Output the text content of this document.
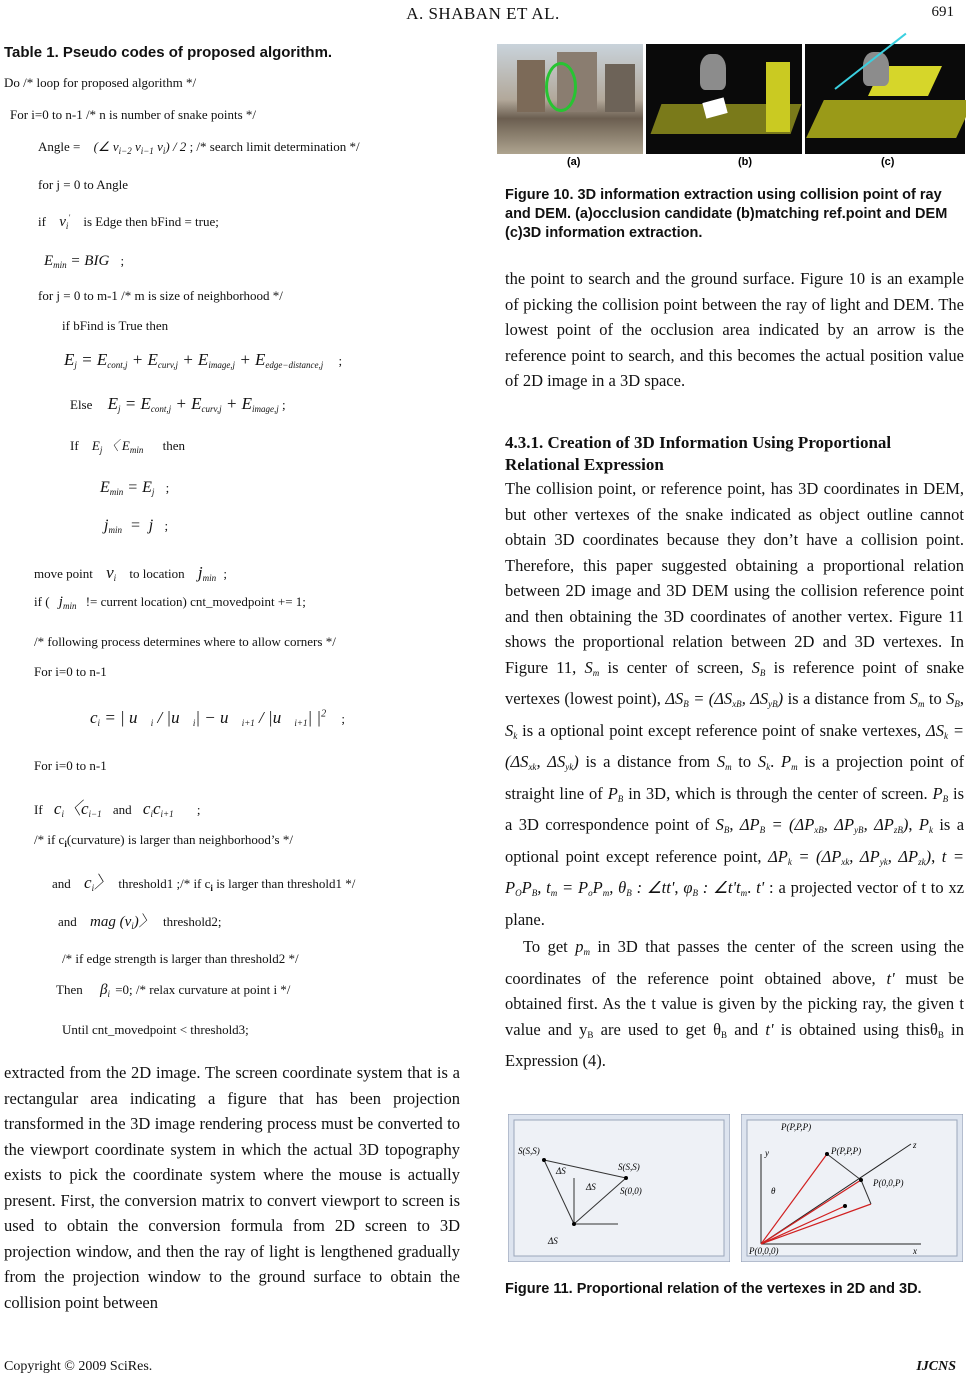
A. SHABAN ET AL.	691
Table 1. Pseudo codes of proposed algorithm.
Do /* loop for proposed algorithm */
For i=0 to n-1 /* n is number of snake points */
Angle = (∠ $v_{i-2}$ $v_{i-1}$ $v_i) / 2$ ; /* search limit determination */
for j = 0 to Angle
if $v_i'$ is Edge then bFind = true;
$E_{min}$ = BIG ;
for j = 0 to m-1 /* m is size of neighborhood */
if bFind is True then
$E_j = E_{cont,j} + E_{curv,j} + E_{image,j} + E_{edge-distance,j}$ ;
Else $E_j = E_{cont,j} + E_{curv,j} + E_{image,j}$ ;
If $E_j$ 〈 $E_{min}$ then
$E_{min} = E_j$ ;
$j_{min} = j$ ;
move point $v_i$ to location $j_{min}$ ;
if ( $j_{min}$ != current location) cnt_movedpoint += 1;
/* following process determines where to allow corners */
For i=0 to n-1
$c_i$ = | $u⃗_i$ / $|u⃗_i|$ − $u⃗_{i+1}$ / $|u⃗_{i+1}|$ $|^2$ ;
For i=0 to n-1
If $c_i$〈$c_{i-1}$ and $c_ic_{i+1}$ ;
/* if $c_i(curvature)$ is larger than neighborhood’s */
and $c_i$〉 threshold1 ;/* if $c_i$ is larger than threshold1 */
and mag $(v_i)$〉 threshold2;
/* if edge strength is larger than threshold2 */
Then $\beta_i =0$; /* relax curvature at point i */
Until cnt_movedpoint < threshold3;
extracted from the 2D image. The screen coordinate system that is a rectangular area indicating a figure that has been projection transformed in the 3D image rendering process must be converted to the viewport coordinate system in which the actual 3D topography exists to pick the coordinate system where the mouse is actually present. First, the conversion matrix to convert viewport to screen is used to obtain the conversion formula from 2D screen to 3D projection window, and then the ray of light is lengthened gradually from the projection window to the ground surface to obtain the collision point between
(a)	(b)	(c)
Figure 10. 3D information extraction using collision point of ray and DEM. (a)occlusion candidate (b)matching ref.point and DEM (c)3D information extraction.
the point to search and the ground surface. Figure 10 is an example of picking the collision point between the ray of light and DEM. The lowest point of the occlusion area indicated by an arrow is the reference point to search, and this becomes the actual position value of 2D image in a 3D space.
4.3.1. Creation of 3D Information Using Proportional Relational Expression
The collision point, or reference point, has 3D coordinates in DEM, but other vertexes of the snake indicated as object outline cannot obtain 3D coordinates because they don’t have a collision point. Therefore, this paper suggested obtaining a proportional relation between 2D image and 3D DEM using the collision reference point and then obtaining the 3D coordinates of another vertex. Figure 11 shows the proportional relation between 2D and 3D vertexes. In Figure 11, $S_m$ is center of screen, $S_B$ is reference point of snake vertexes (lowest point), $\Delta S_B = (\Delta S_{xB}$, $\Delta S_{yB}$) is a distance from $S_m$ to $S_B$, $S_k$ is a optional point except reference point of snake vertexes, $\Delta S_k = (\Delta S_{xk}$, $\Delta S_{yk}$) is a distance from $S_m$ to $S_k$. $P_m$ is a projection point of straight line of $P_B$ in 3D, which is through the center of screen. $P_B$ is a 3D correspondence point of $S_B$, $\Delta P_B = (\Delta P_{xB}$, $\Delta P_{yB}$, $\Delta P_{zB}$), $P_k$ is a optional point except reference point, $\Delta P_k = (\Delta P_{xk}$, $\Delta P_{yk}$, $\Delta P_{zk}$), $t = P_OP_B$, $t_m = P_oP_m$, $\theta_B$ : ∠tt', $\varphi_B$ : $\angle t't_m$. t' : a projected vector of t to xz plane.
To get $p_m$ in 3D that passes the center of the screen using the coordinates of the reference point obtained above, t' must be obtained first. As the t value is given by the picking ray, the given t value and $y_B$ are used to get $\theta_B$ and t' is obtained using thisθ$_B$ in Expression (4).
S(S,S)
S(S,S)
S(0,0)
ΔS
ΔS
ΔS
P(P,P,P)
P(P,P,P)
P(0,0,P)
P(0,0,0)
y
z
x
θ
Figure 11. Proportional relation of the vertexes in 2D and 3D.
Copyright © 2009 SciRes.	IJCNS
